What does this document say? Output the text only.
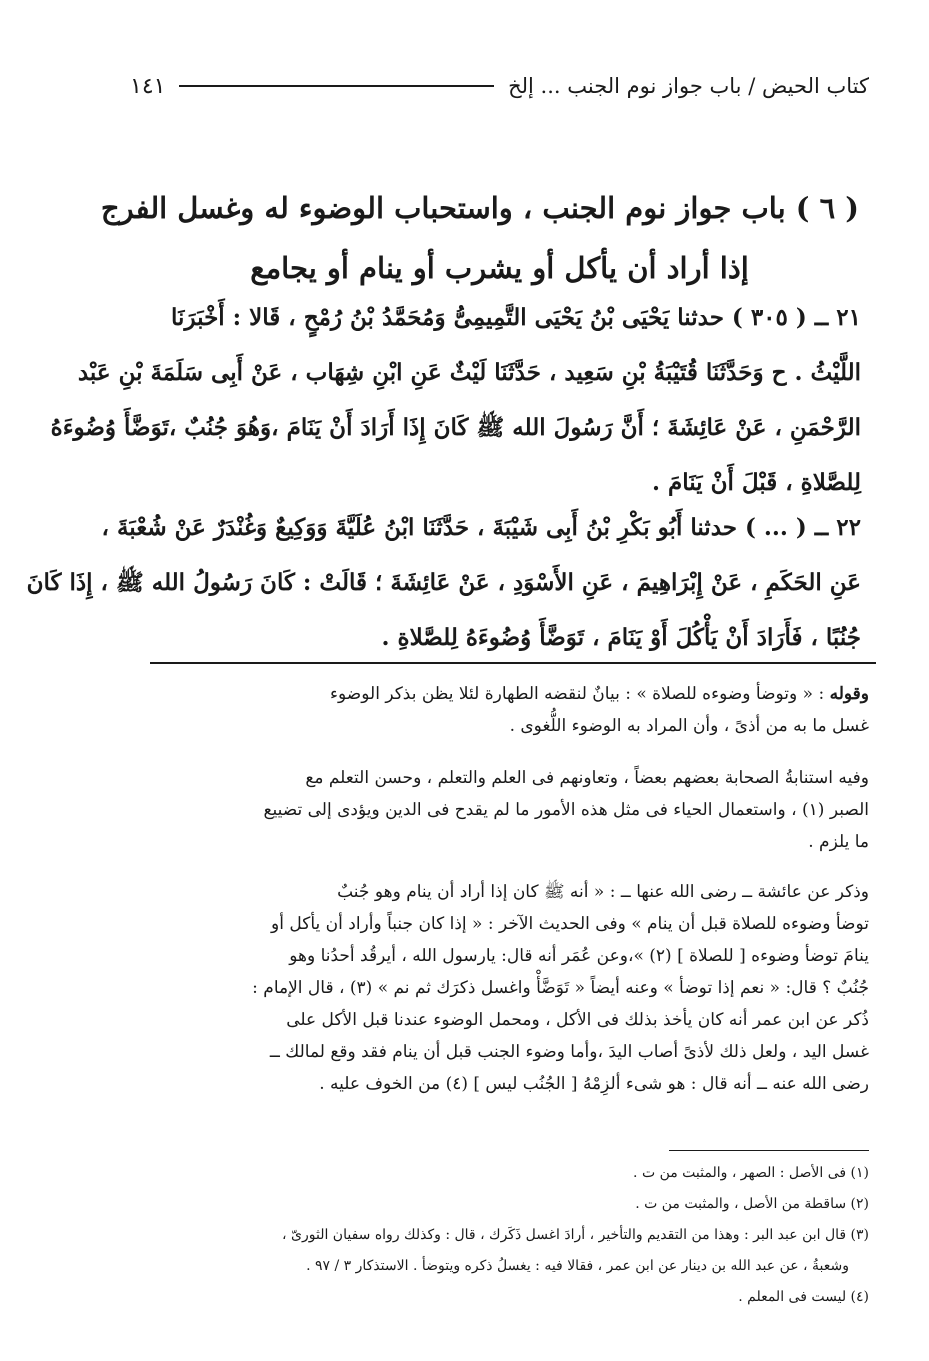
كتاب الحيض / باب جواز نوم الجنب ... إلخ
١٤١
( ٦ ) باب جواز نوم الجنب ، واستحباب الوضوء له وغسل الفرج
إذا أراد أن يأكل أو يشرب أو ينام أو يجامع
٢١ ــ ( ٣٠٥ ) حدثنا يَحْيَى بْنُ يَحْيَى التَّمِيمِىُّ وَمُحَمَّدُ بْنُ رُمْحٍ ، قَالا : أَخْبَرَنَا
اللَّيْثُ . ح وَحَدَّثَنَا قُتَيْبَةُ بْنِ سَعِيد ، حَدَّثَنَا لَيْثٌ عَنِ ابْنِ شِهَاب ، عَنْ أَبِى سَلَمَةَ بْنِ عَبْد
الرَّحْمَنِ ، عَنْ عَائِشَةَ ؛ أَنَّ رَسُولَ الله ﷺ كَانَ إِذَا أَرَادَ أَنْ يَنَامَ ،وَهُوَ جُنُبٌ ،تَوَضَّأَ وُضُوءَهُ
لِلصَّلاةِ ، قَبْلَ أَنْ يَنَامَ .
٢٢ ــ ( ... ) حدثنا أَبُو بَكْرِ بْنُ أَبِى شَيْبَةَ ، حَدَّثَنَا ابْنُ عُلَيَّةَ وَوَكِيعٌ وَغُنْدَرٌ عَنْ شُعْبَةَ ،
عَنِ الحَكَمِ ، عَنْ إِبْرَاهِيمَ ، عَنِ الأَسْوَدِ ، عَنْ عَائِشَةَ ؛ قَالَتْ : كَانَ رَسُولُ الله ﷺ ، إِذَا كَانَ
جُنُبًا ، فَأَرَادَ أَنْ يَأْكُلَ أَوْ يَنَامَ ، تَوَضَّأَ وُضُوءَهُ لِلصَّلاةِ .
وقوله : « وتوضأ وضوءه للصلاة » : بيانٌ لنقضه الطهارة لئلا يظن بذكر الوضوء
غسل ما به من أذىً ، وأن المراد به الوضوء اللُّغوى .
وفيه استنابةُ الصحابة بعضهم بعضاً ، وتعاونهم فى العلم والتعلم ، وحسن التعلم مع
الصبر (١) ، واستعمال الحياء فى مثل هذه الأمور ما لم يقدح فى الدين ويؤدى إلى تضييع
ما يلزم .
وذكر عن عائشة ــ رضى الله عنها ــ : « أنه ﷺ كان إذا أراد أن ينام وهو جُنبٌ
توضأ وضوءه للصلاة قبل أن ينام » وفى الحديث الآخر : « إذا كان جنباً وأراد أن يأكل أو
ينامَ توضأ وضوءه [ للصلاة ] (٢) »،وعن عُمَر أنه قال: يارسول الله ، أيرقُد أحدُنا وهو
جُنُبٌ ؟ قال: « نعم إذا توضأ » وعنه أيضاً « تَوَضَّأْ واغسل ذكرَك ثم نم » (٣) ، قال الإمام :
ذُكر عن ابن عمر أنه كان يأخذ بذلك فى الأكل ، ومحمل الوضوء عندنا قبل الأكل على
غسل اليد ، ولعل ذلك لأذىً أصاب اليدَ ،وأما وضوء الجنب قبل أن ينام فقد وقع لمالك ــ
رضى الله عنه ــ أنه قال : هو شىء ألزِمْهُ [ الجُنُب ليس ] (٤) من الخوف عليه .
(١) فى الأصل : الصهر ، والمثبت من ت .
(٢) ساقطة من الأصل ، والمثبت من ت .
(٣) قال ابن عبد البر : وهذا من التقديم والتأخير ، أرادَ اغسل ذَكَرك ، قال : وكذلك رواه سفيان الثورىّ ،
وشعبةُ ، عن عبد الله بن دينار عن ابن عمر ، فقالا فيه : يغسلُ ذكره ويتوضأ . الاستذكار ٣ / ٩٧ .
(٤) ليست فى المعلم .
